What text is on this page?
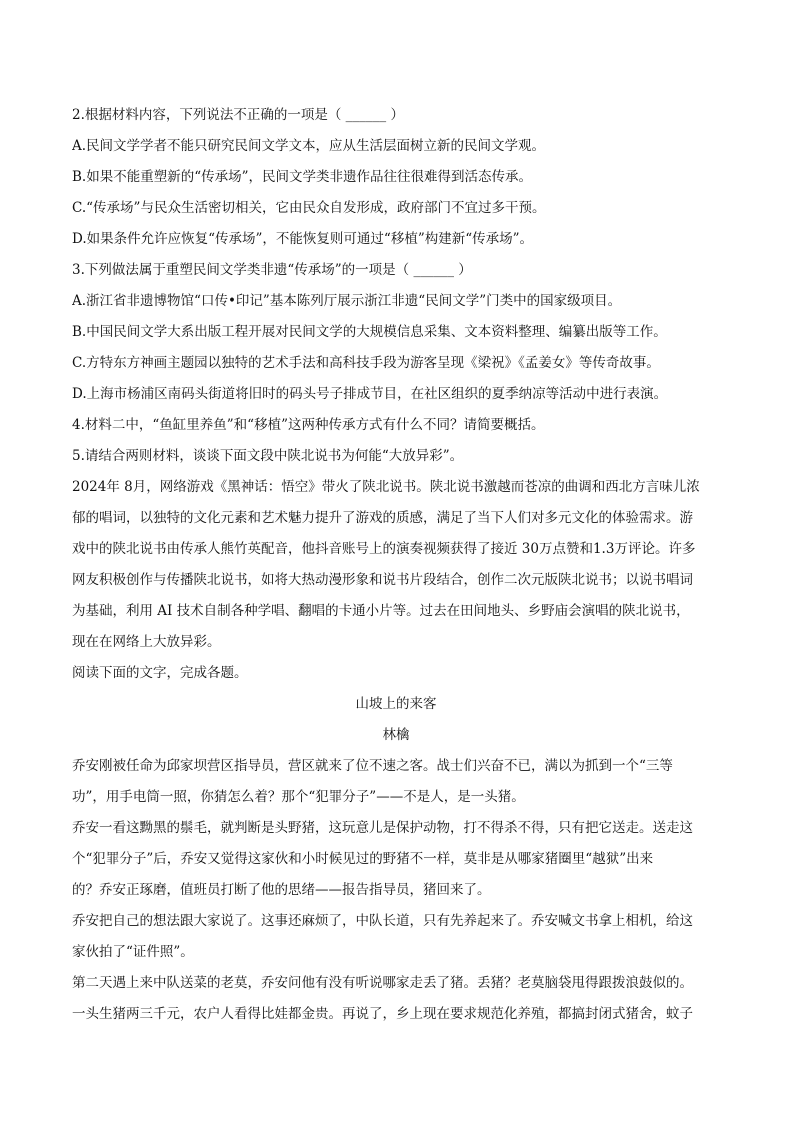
2.根据材料内容，下列说法不正确的一项是（ ______ ）
A.民间文学学者不能只研究民间文学文本，应从生活层面树立新的民间文学观。
B.如果不能重塑新的“传承场”，民间文学类非遗作品往往很难得到活态传承。
C.“传承场”与民众生活密切相关，它由民众自发形成，政府部门不宜过多干预。
D.如果条件允许应恢复“传承场”，不能恢复则可通过“移植”构建新“传承场”。
3.下列做法属于重塑民间文学类非遗“传承场”的一项是（ ______ ）
A.浙江省非遗博物馆“口传•印记”基本陈列厅展示浙江非遗“民间文学”门类中的国家级项目。
B.中国民间文学大系出版工程开展对民间文学的大规模信息采集、文本资料整理、编纂出版等工作。
C.方特东方神画主题园以独特的艺术手法和高科技手段为游客呈现《梁祝》《孟姜女》等传奇故事。
D.上海市杨浦区南码头街道将旧时的码头号子排成节目，在社区组织的夏季纳凉等活动中进行表演。
4.材料二中，“鱼缸里养鱼”和“移植”这两种传承方式有什么不同？请简要概括。
5.请结合两则材料，谈谈下面文段中陕北说书为何能“大放异彩”。
2024年 8月，网络游戏《黑神话：悟空》带火了陕北说书。陕北说书激越而苍凉的曲调和西北方言味儿浓
郁的唱词，以独特的文化元素和艺术魅力提升了游戏的质感，满足了当下人们对多元文化的体验需求。游
戏中的陕北说书由传承人熊竹英配音，他抖音账号上的演奏视频获得了接近 30万点赞和1.3万评论。许多
网友积极创作与传播陕北说书，如将大热动漫形象和说书片段结合，创作二次元版陕北说书；以说书唱词
为基础，利用 AI 技术自制各种学唱、翻唱的卡通小片等。过去在田间地头、乡野庙会演唱的陕北说书，
现在在网络上大放异彩。
阅读下面的文字，完成各题。
山坡上的来客
林檎
乔安刚被任命为邱家坝营区指导员，营区就来了位不速之客。战士们兴奋不已，满以为抓到一个“三等
功”，用手电筒一照，你猜怎么着？那个“犯罪分子”——不是人，是一头猪。
乔安一看这黝黑的鬃毛，就判断是头野猪，这玩意儿是保护动物，打不得杀不得，只有把它送走。送走这
个“犯罪分子”后，乔安又觉得这家伙和小时候见过的野猪不一样，莫非是从哪家猪圈里“越狱”出来
的？乔安正琢磨，值班员打断了他的思绪——报告指导员，猪回来了。
乔安把自己的想法跟大家说了。这事还麻烦了，中队长道，只有先养起来了。乔安喊文书拿上相机，给这
家伙拍了“证件照”。
第二天遇上来中队送菜的老莫，乔安问他有没有听说哪家走丢了猪。丢猪？老莫脑袋甩得跟拨浪鼓似的。
一头生猪两三千元，农户人看得比娃都金贵。再说了，乡上现在要求规范化养殖，都搞封闭式猪舍，蚊子
